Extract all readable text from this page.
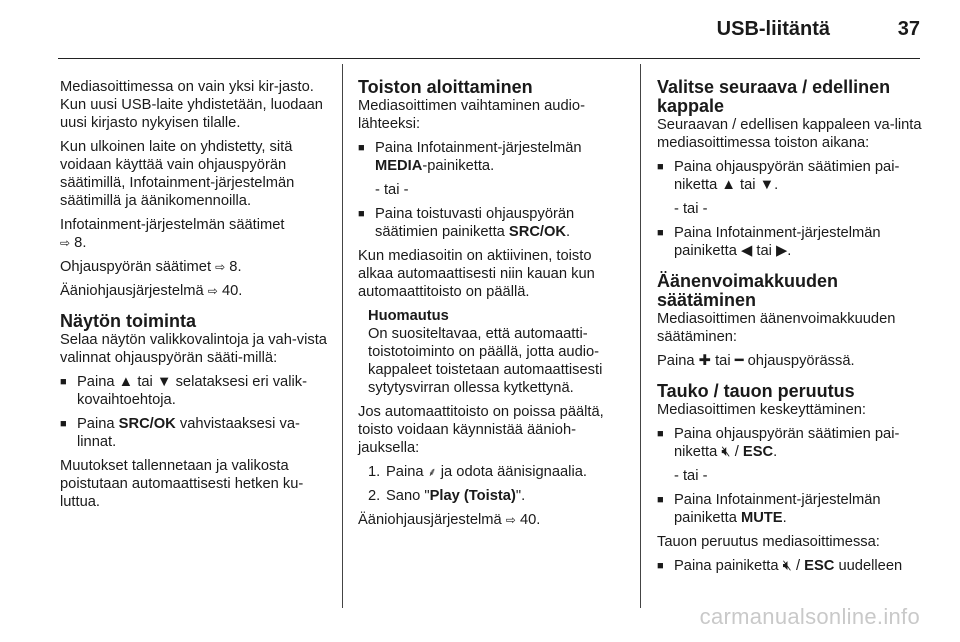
USB-liitäntä	37

Mediasoittimessa on vain yksi kir-jasto. Kun uusi USB-laite yhdistetään, luodaan uusi kirjasto nykyisen tilalle.

Kun ulkoinen laite on yhdistetty, sitä voidaan käyttää vain ohjauspyörän säätimillä, Infotainment-järjestelmän säätimillä ja äänikomennoilla.

Infotainment-järjestelmän säätimet
⇨ 8.

Ohjauspyörän säätimet ⇨ 8.

Ääniohjausjärjestelmä ⇨ 40.

Näytön toiminta

Selaa näytön valikkovalintoja ja vah-vista valinnat ohjauspyörän sääti-millä:

■ Paina ▲ tai ▼ selataksesi eri valik-kovaihtoehtoja.
■ Paina SRC/OK vahvistaaksesi va-linnat.

Muutokset tallennetaan ja valikosta poistutaan automaattisesti hetken ku-luttua.

Toiston aloittaminen

Mediasoittimen vaihtaminen audio-lähteeksi:

■ Paina Infotainment-järjestelmän MEDIA-painiketta.

- tai -

■ Paina toistuvasti ohjauspyörän säätimien painiketta SRC/OK.

Kun mediasoitin on aktiivinen, toisto alkaa automaattisesti niin kauan kun automaattitoisto on päällä.

Huomautus
On suositeltavaa, että automaatti-toistotoiminto on päällä, jotta audio-kappaleet toistetaan automaattisesti sytytysvirran ollessa kytkettynä.

Jos automaattitoisto on poissa päältä, toisto voidaan käynnistää äänioh-jauksella:

1. Paina ⸙ ja odota äänisignaalia.
2. Sano "Play (Toista)".

Ääniohjausjärjestelmä ⇨ 40.

Valitse seuraava / edellinen kappale

Seuraavan / edellisen kappaleen va-linta mediasoittimessa toiston aikana:

■ Paina ohjauspyörän säätimien pai-niketta ▲ tai ▼.

- tai -

■ Paina Infotainment-järjestelmän painiketta ◀ tai ▶.
Äänenvoimakkuuden säätäminen

Mediasoittimen äänenvoimakkuuden säätäminen:

Paina ✚ tai ━ ohjauspyörässä.

Tauko / tauon peruutus

Mediasoittimen keskeyttäminen:

■ Paina ohjauspyörän säätimien pai-niketta 🔇︎ / ESC.

- tai -

■ Paina Infotainment-järjestelmän painiketta MUTE.

Tauon peruutus mediasoittimessa:

■ Paina painiketta 🔇︎ / ESC uudelleen
carmanualsonline.info
